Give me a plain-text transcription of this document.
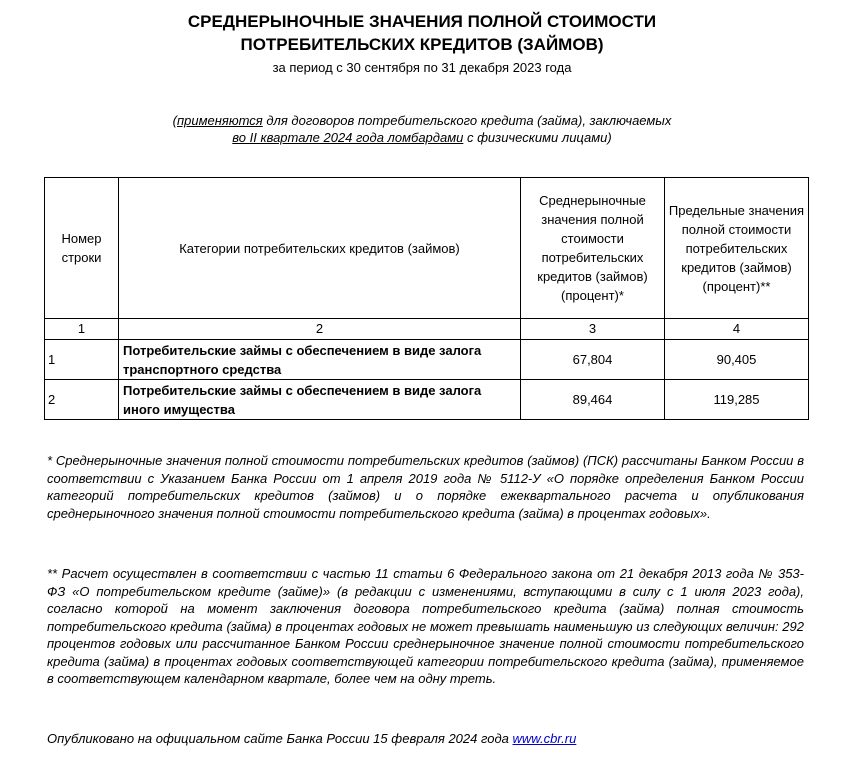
СРЕДНЕРЫНОЧНЫЕ ЗНАЧЕНИЯ ПОЛНОЙ СТОИМОСТИ
ПОТРЕБИТЕЛЬСКИХ КРЕДИТОВ (ЗАЙМОВ)
за период с 30 сентября по 31 декабря 2023 года
(применяются для договоров потребительского кредита (займа), заключаемых
во II квартале 2024 года ломбардами с физическими лицами)
Номер строки	Категории потребительских кредитов (займов)	Среднерыночные значения полной стоимости потребительских кредитов (займов) (процент)*	Предельные значения полной стоимости потребительских кредитов (займов) (процент)**
1	2	3	4
1	Потребительские займы с обеспечением в виде залога транспортного средства	67,804	90,405
2	Потребительские займы с обеспечением в виде залога иного имущества	89,464	119,285
* Среднерыночные значения полной стоимости потребительских кредитов (займов) (ПСК) рассчитаны Банком России в соответствии с Указанием Банка России от 1 апреля 2019 года № 5112-У «О порядке определения Банком России категорий потребительских кредитов (займов) и о порядке ежеквартального расчета и опубликования среднерыночного значения полной стоимости потребительского кредита (займа) в процентах годовых».
** Расчет осуществлен в соответствии с частью 11 статьи 6 Федерального закона от 21 декабря 2013 года № 353-ФЗ «О потребительском кредите (займе)» (в редакции с изменениями, вступающими в силу с 1 июля 2023 года), согласно которой на момент заключения договора потребительского кредита (займа) полная стоимость потребительского кредита (займа) в процентах годовых не может превышать наименьшую из следующих величин: 292 процентов годовых или рассчитанное Банком России среднерыночное значение полной стоимости потребительского кредита (займа) в процентах годовых соответствующей категории потребительского кредита (займа), применяемое в соответствующем календарном квартале, более чем на одну треть.
Опубликовано на официальном сайте Банка России 15 февраля 2024 года www.cbr.ru
